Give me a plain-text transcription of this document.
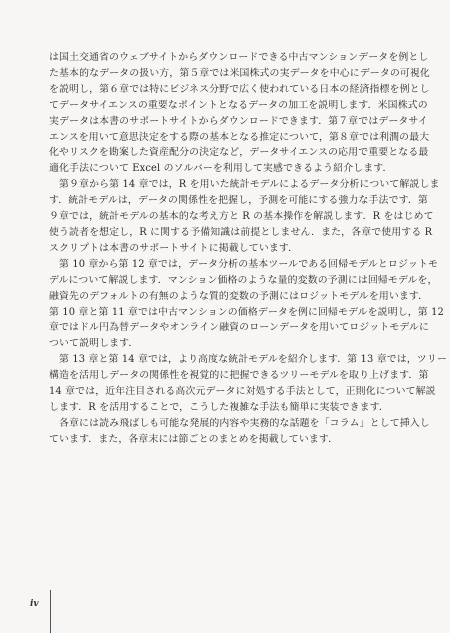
は国土交通省のウェブサイトからダウンロードできる中古マンションデータを例とし
た基本的なデータの扱い方，第５章では米国株式の実データを中心にデータの可視化
を説明し，第６章では特にビジネス分野で広く使われている日本の経済指標を例とし
てデータサイエンスの重要なポイントとなるデータの加工を説明します．米国株式の
実データは本書のサポートサイトからダウンロードできます．第７章ではデータサイ
エンスを用いて意思決定をする際の基本となる推定について，第８章では利潤の最大
化やリスクを勘案した資産配分の決定など，データサイエンスの応用で重要となる最
適化手法について Excel のソルバーを利用して実感できるよう紹介します．
第９章から第 14 章では，R を用いた統計モデルによるデータ分析について解説しま
す．統計モデルは，データの関係性を把握し，予測を可能にする強力な手法です．第
９章では，統計モデルの基本的な考え方と R の基本操作を解説します．R をはじめて
使う読者を想定し，R に関する予備知識は前提としません．また，各章で使用する R
スクリプトは本書のサポートサイトに掲載しています．
第 10 章から第 12 章では，データ分析の基本ツールである回帰モデルとロジットモ
デルについて解説します．マンション価格のような量的変数の予測には回帰モデルを，
融資先のデフォルトの有無のような質的変数の予測にはロジットモデルを用います．
第 10 章と第 11 章では中古マンションの価格データを例に回帰モデルを説明し，第 12
章ではドル円為替データやオンライン融資のローンデータを用いてロジットモデルに
ついて説明します．
第 13 章と第 14 章では，より高度な統計モデルを紹介します．第 13 章では，ツリー
構造を活用しデータの関係性を視覚的に把握できるツリーモデルを取り上げます．第
14 章では，近年注目される高次元データに対処する手法として，正則化について解説
します．R を活用することで，こうした複雑な手法も簡単に実装できます．
各章には読み飛ばしも可能な発展的内容や実務的な話題を「コラム」として挿入し
ています．また，各章末には節ごとのまとめを掲載しています．
iv
